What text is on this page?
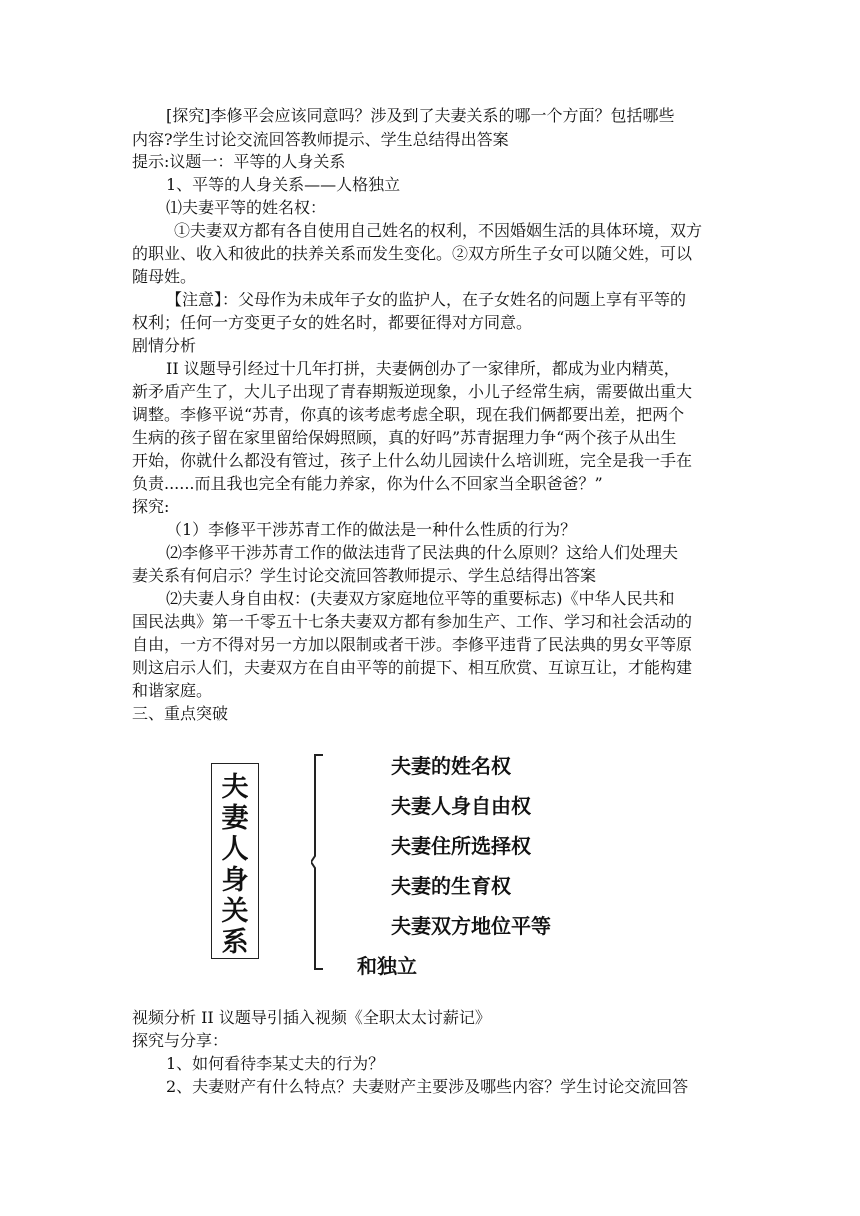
[探究]李修平会应该同意吗？涉及到了夫妻关系的哪一个方面？包括哪些
内容?学生讨论交流回答教师提示、学生总结得出答案
提示:议题一：平等的人身关系
1、平等的人身关系——人格独立
⑴夫妻平等的姓名权：
①夫妻双方都有各自使用自己姓名的权利，不因婚姻生活的具体环境，双方
的职业、收入和彼此的扶养关系而发生变化。②双方所生子女可以随父姓，可以
随母姓。
【注意】：父母作为未成年子女的监护人，在子女姓名的问题上享有平等的
权利；任何一方变更子女的姓名时，都要征得对方同意。
剧情分析
II 议题导引经过十几年打拼，夫妻俩创办了一家律所，都成为业内精英，
新矛盾产生了，大儿子出现了青春期叛逆现象，小儿子经常生病，需要做出重大
调整。李修平说“苏青，你真的该考虑考虑全职，现在我们俩都要出差，把两个
生病的孩子留在家里留给保姆照顾，真的好吗”苏青据理力争“两个孩子从出生
开始，你就什么都没有管过，孩子上什么幼儿园读什么培训班，完全是我一手在
负责......而且我也完全有能力养家，你为什么不回家当全职爸爸？”
探究:
（1）李修平干涉苏青工作的做法是一种什么性质的行为？
⑵李修平干涉苏青工作的做法违背了民法典的什么原则？这给人们处理夫
妻关系有何启示？学生讨论交流回答教师提示、学生总结得出答案
⑵夫妻人身自由权：(夫妻双方家庭地位平等的重要标志)《中华人民共和
国民法典》第一千零五十七条夫妻双方都有参加生产、工作、学习和社会活动的
自由，一方不得对另一方加以限制或者干涉。李修平违背了民法典的男女平等原
则这启示人们，夫妻双方在自由平等的前提下、相互欣赏、互谅互让，才能构建
和谐家庭。
三、重点突破
夫
妻
人
身
关
系
夫妻的姓名权
夫妻人身自由权
夫妻住所选择权
夫妻的生育权
夫妻双方地位平等
和独立
视频分析 II 议题导引插入视频《全职太太讨薪记》
探究与分享：
1、如何看待李某丈夫的行为？
2、夫妻财产有什么特点？夫妻财产主要涉及哪些内容？学生讨论交流回答
